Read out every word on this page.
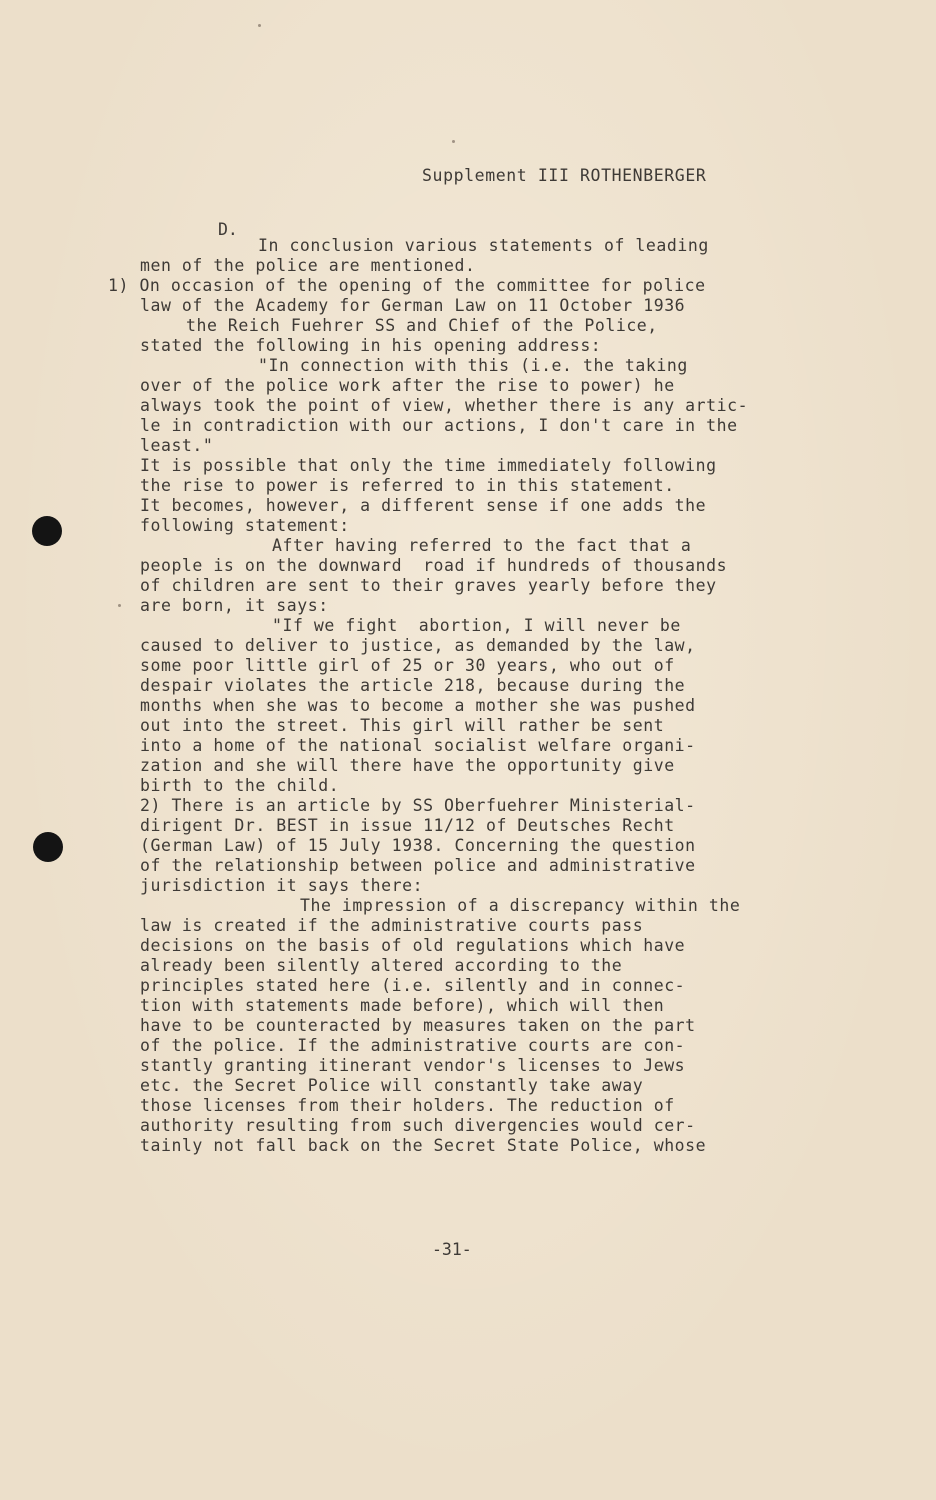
Supplement III ROTHENBERGER
D.
In conclusion various statements of leading
men of the police are mentioned.
1) On occasion of the opening of the committee for police
law of the Academy for German Law on 11 October 1936
the Reich Fuehrer SS and Chief of the Police,
stated the following in his opening address:
"In connection with this (i.e. the taking
over of the police work after the rise to power) he
always took the point of view, whether there is any artic-
le in contradiction with our actions, I don't care in the
least."
It is possible that only the time immediately following
the rise to power is referred to in this statement.
It becomes, however, a different sense if one adds the
following statement:
After having referred to the fact that a
people is on the downward  road if hundreds of thousands
of children are sent to their graves yearly before they
are born, it says:
"If we fight  abortion, I will never be
caused to deliver to justice, as demanded by the law,
some poor little girl of 25 or 30 years, who out of
despair violates the article 218, because during the
months when she was to become a mother she was pushed
out into the street. This girl will rather be sent
into a home of the national socialist welfare organi-
zation and she will there have the opportunity give
birth to the child.
2) There is an article by SS Oberfuehrer Ministerial-
dirigent Dr. BEST in issue 11/12 of Deutsches Recht
(German Law) of 15 July 1938. Concerning the question
of the relationship between police and administrative
jurisdiction it says there:
The impression of a discrepancy within the
law is created if the administrative courts pass
decisions on the basis of old regulations which have
already been silently altered according to the
principles stated here (i.e. silently and in connec-
tion with statements made before), which will then
have to be counteracted by measures taken on the part
of the police. If the administrative courts are con-
stantly granting itinerant vendor's licenses to Jews
etc. the Secret Police will constantly take away
those licenses from their holders. The reduction of
authority resulting from such divergencies would cer-
tainly not fall back on the Secret State Police, whose
-31-
